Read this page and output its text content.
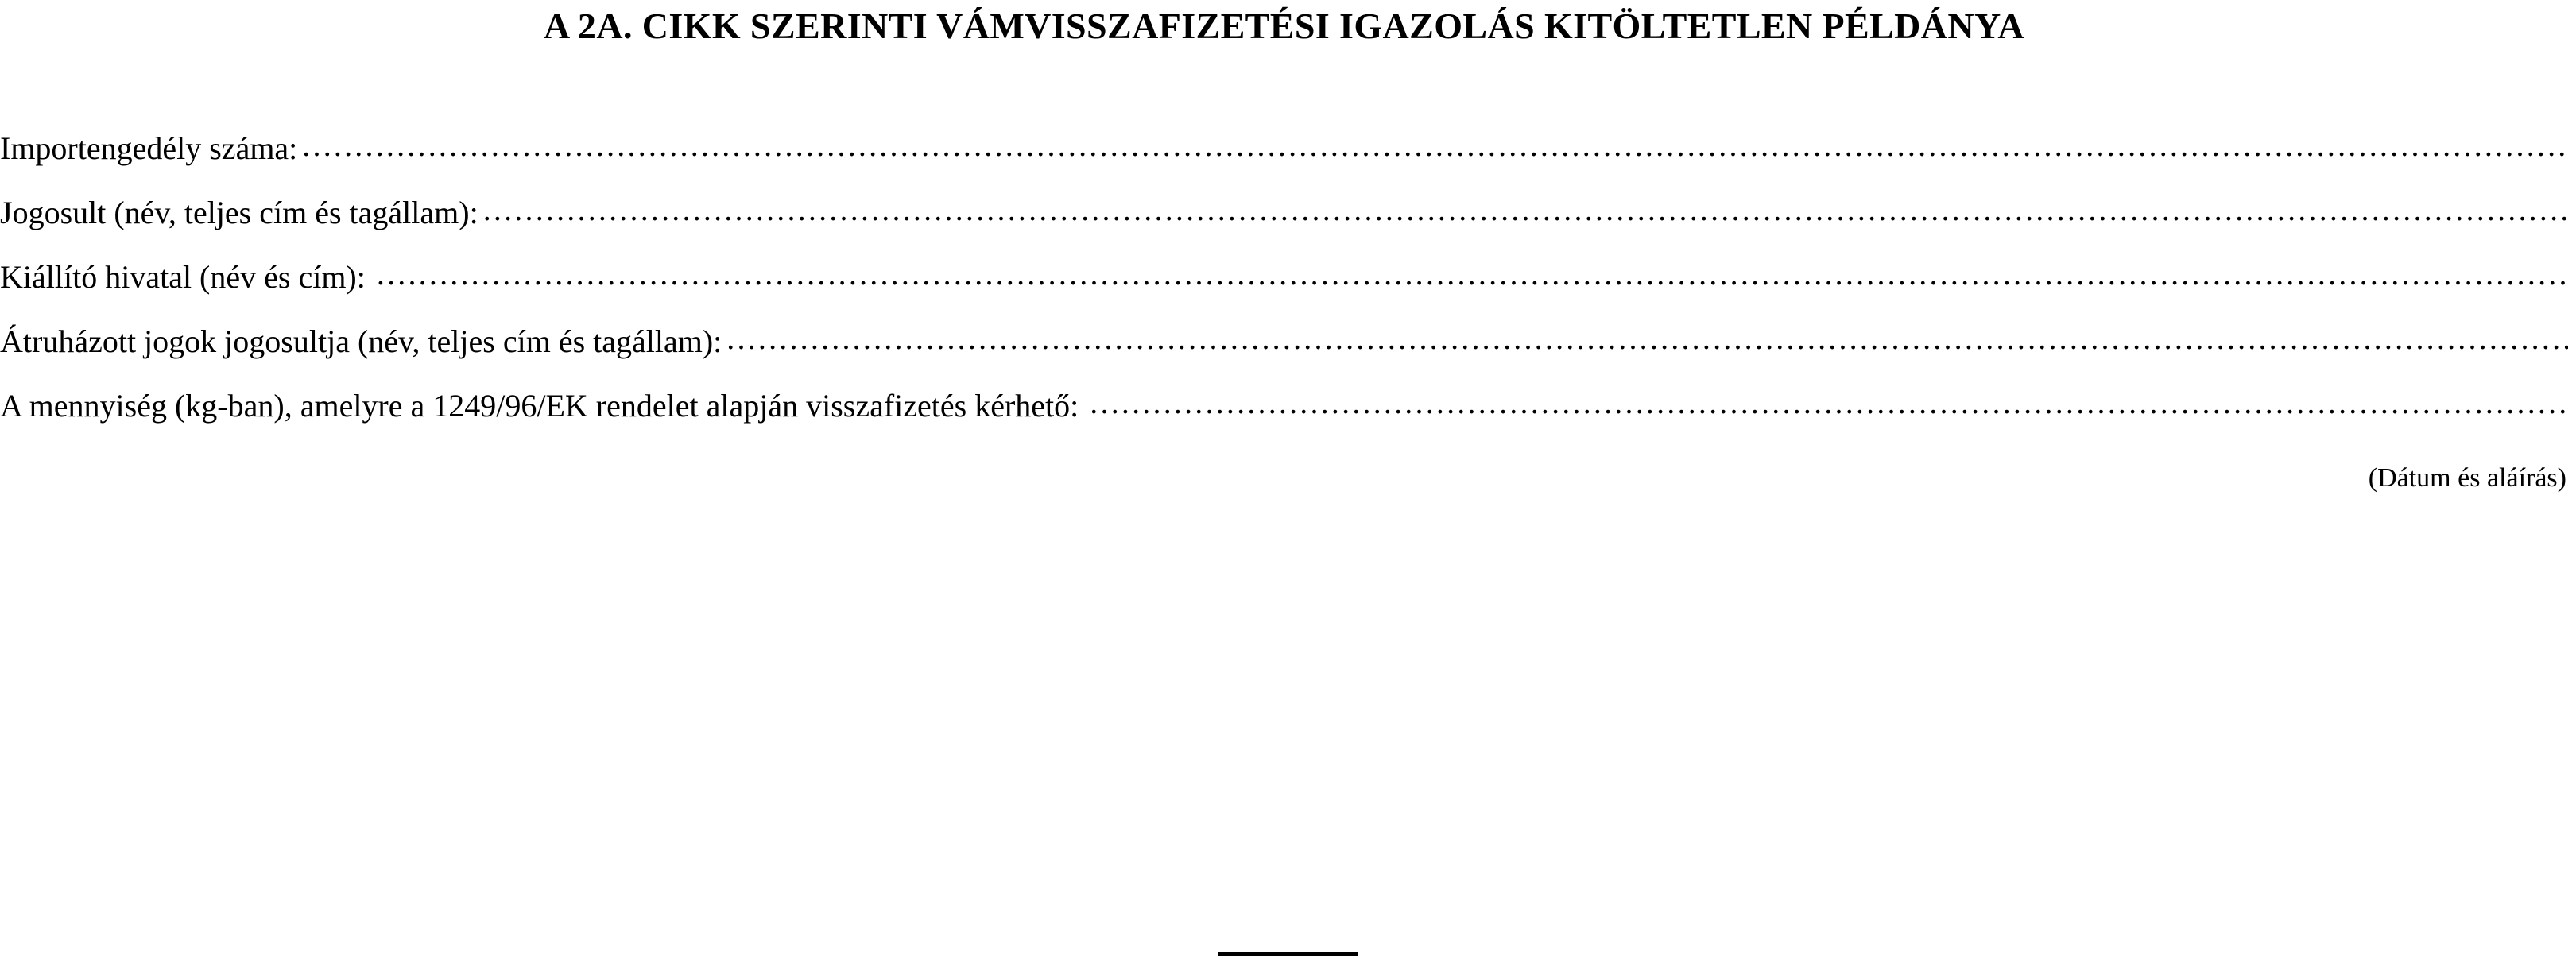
A 2A. CIKK SZERINTI VÁMVISSZAFIZETÉSI IGAZOLÁS KITÖLTETLEN PÉLDÁNYA
Importengedély száma:
.....
Jogosult (név, teljes cím és tagállam):
.....
Kiállító hivatal (név és cím):
.....
Átruházott jogok jogosultja (név, teljes cím és tagállam):
.....
A mennyiség (kg-ban), amelyre a 1249/96/EK rendelet alapján visszafizetés kérhető:
.....
(Dátum és aláírás)
